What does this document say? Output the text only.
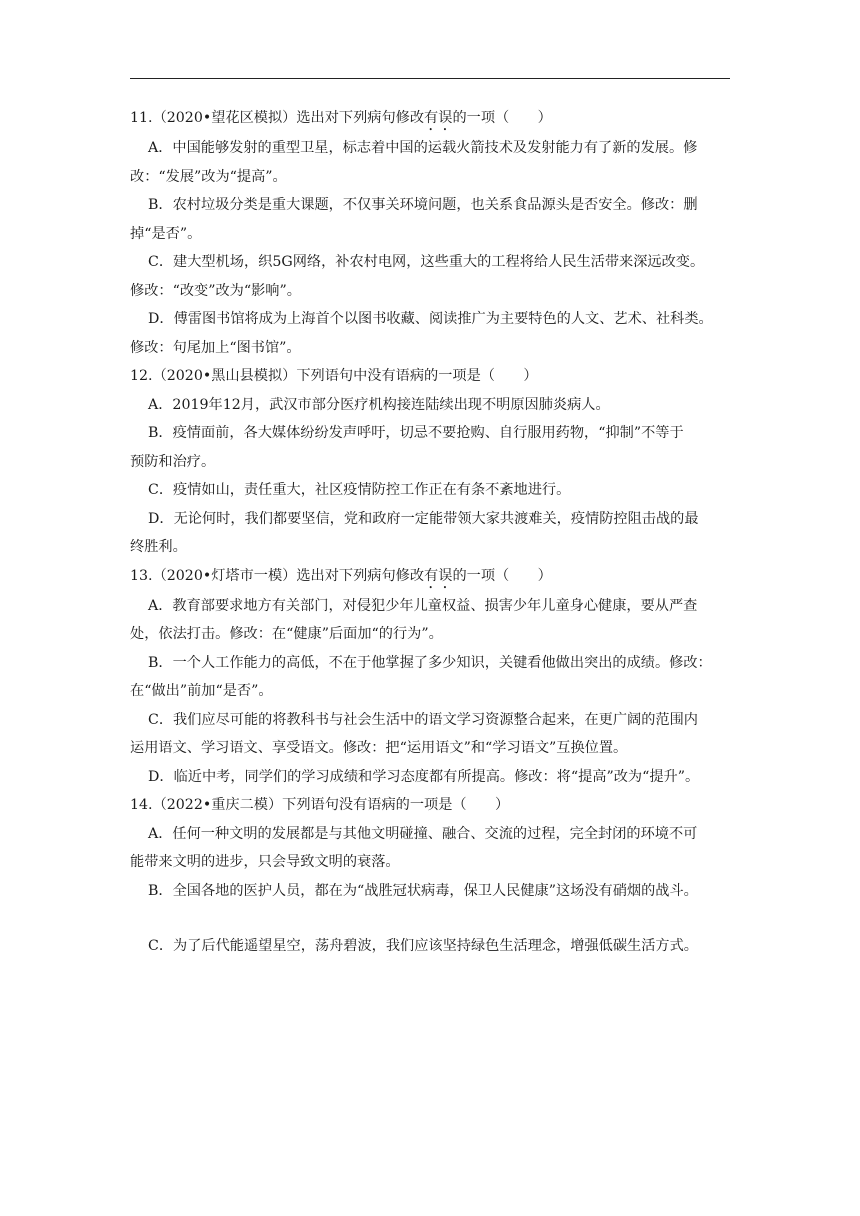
11.（2020•望花区模拟）选出对下列病句修改有误的一项（　　）
A．中国能够发射的重型卫星，标志着中国的运载火箭技术及发射能力有了新的发展。修
改：“发展”改为“提高”。
B．农村垃圾分类是重大课题，不仅事关环境问题，也关系食品源头是否安全。修改：删
掉“是否”。
C．建大型机场，织5G网络，补农村电网，这些重大的工程将给人民生活带来深远改变。
修改：“改变”改为“影响”。
D．傅雷图书馆将成为上海首个以图书收藏、阅读推广为主要特色的人文、艺术、社科类。
修改：句尾加上“图书馆”。
12.（2020•黑山县模拟）下列语句中没有语病的一项是（　　）
A．2019年12月，武汉市部分医疗机构接连陆续出现不明原因肺炎病人。
B．疫情面前，各大媒体纷纷发声呼吁，切忌不要抢购、自行服用药物，“抑制”不等于
预防和治疗。
C．疫情如山，责任重大，社区疫情防控工作正在有条不紊地进行。
D．无论何时，我们都要坚信，党和政府一定能带领大家共渡难关，疫情防控阻击战的最
终胜利。
13.（2020•灯塔市一模）选出对下列病句修改有误的一项（　　）
A．教育部要求地方有关部门，对侵犯少年儿童权益、损害少年儿童身心健康，要从严查
处，依法打击。修改：在“健康”后面加“的行为”。
B．一个人工作能力的高低，不在于他掌握了多少知识，关键看他做出突出的成绩。修改：
在“做出”前加“是否”。
C．我们应尽可能的将教科书与社会生活中的语文学习资源整合起来，在更广阔的范围内
运用语文、学习语文、享受语文。修改：把“运用语文”和“学习语文”互换位置。
D．临近中考，同学们的学习成绩和学习态度都有所提高。修改：将“提高”改为“提升”。
14.（2022•重庆二模）下列语句没有语病的一项是（　　）
A．任何一种文明的发展都是与其他文明碰撞、融合、交流的过程，完全封闭的环境不可
能带来文明的进步，只会导致文明的衰落。
B．全国各地的医护人员，都在为“战胜冠状病毒，保卫人民健康”这场没有硝烟的战斗。
C．为了后代能遥望星空，荡舟碧波，我们应该坚持绿色生活理念，增强低碳生活方式。
